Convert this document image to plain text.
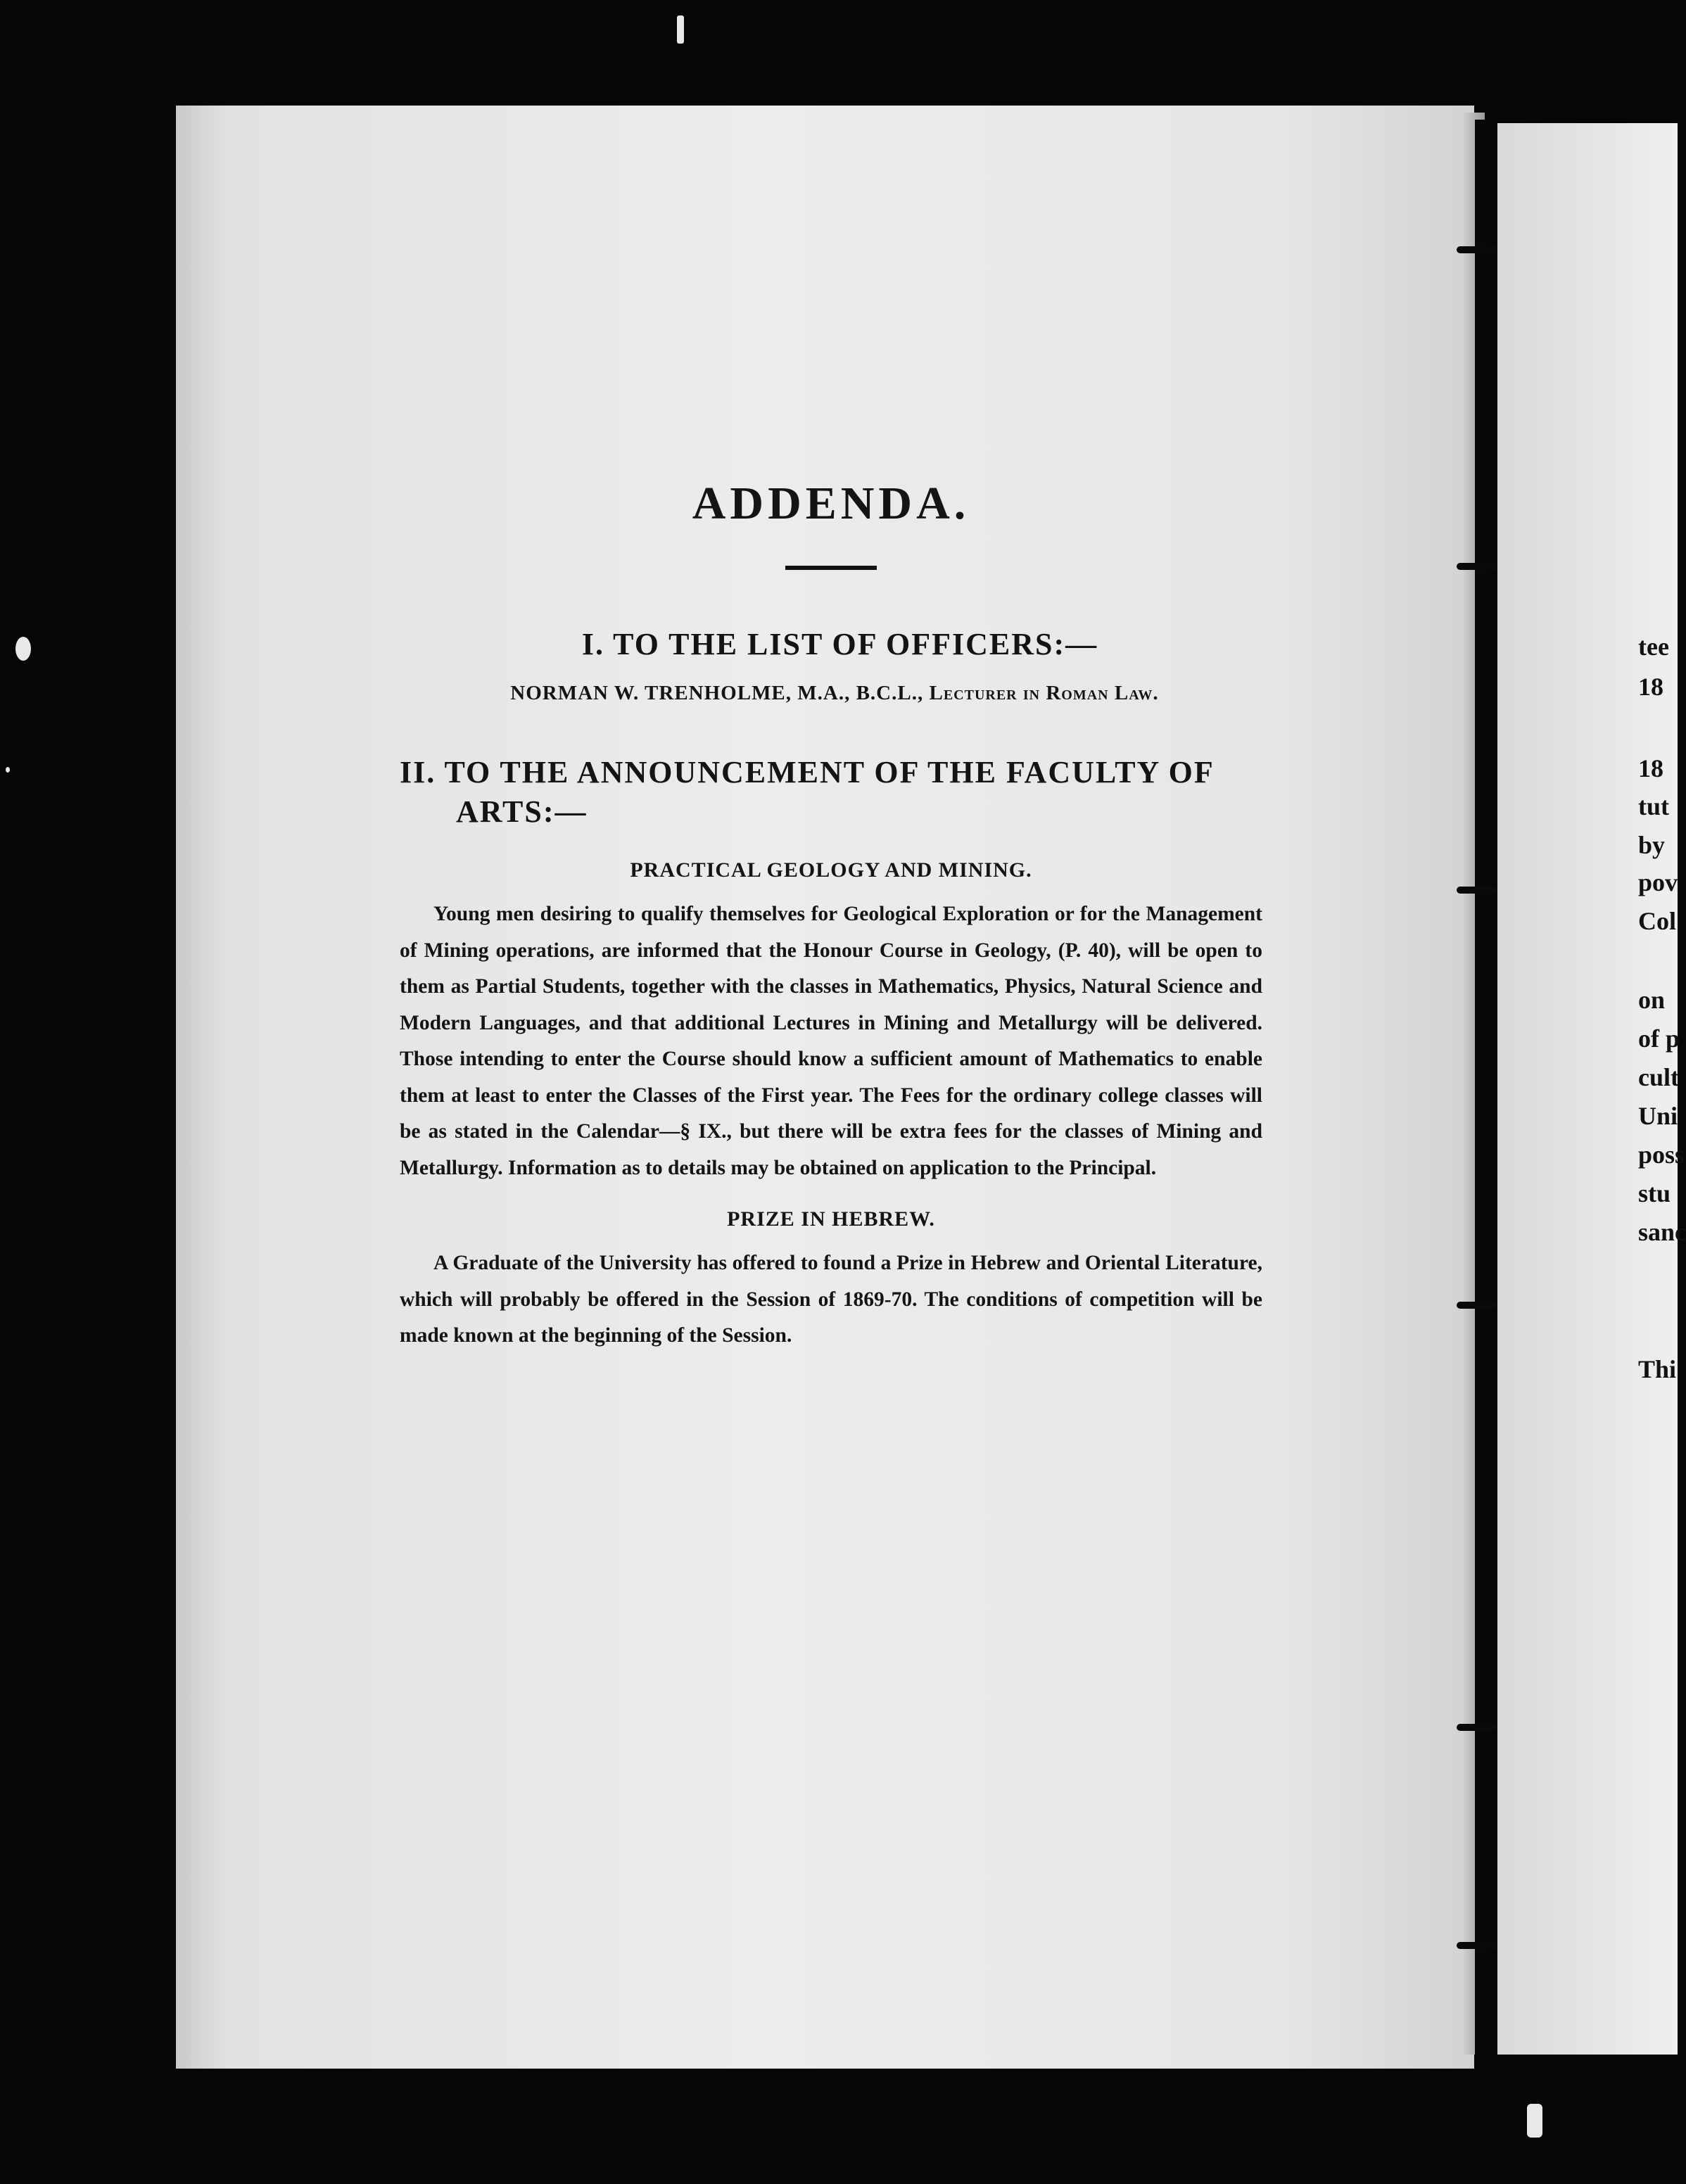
tee
18
18
tut
by
pov
Col
on
of p
cult
Uni
poss
stu
sanc
Thi
ADDENDA.
I. TO THE LIST OF OFFICERS:—
NORMAN W. TRENHOLME, M.A., B.C.L., Lecturer in Roman Law.
II. TO THE ANNOUNCEMENT OF THE FACULTY OF ARTS:—
PRACTICAL GEOLOGY AND MINING.

Young men desiring to qualify themselves for Geological Exploration or for the Management of Mining operations, are informed that the Honour Course in Geology, (P. 40), will be open to them as Partial Students, together with the classes in Mathematics, Physics, Natural Science and Modern Languages, and that additional Lectures in Mining and Metallurgy will be delivered. Those intending to enter the Course should know a sufficient amount of Mathematics to enable them at least to enter the Classes of the First year. The Fees for the ordinary college classes will be as stated in the Calendar—§ IX., but there will be extra fees for the classes of Mining and Metallurgy. Information as to details may be obtained on application to the Principal.

PRIZE IN HEBREW.

A Graduate of the University has offered to found a Prize in Hebrew and Oriental Literature, which will probably be offered in the Session of 1869-70. The conditions of competition will be made known at the beginning of the Session.
